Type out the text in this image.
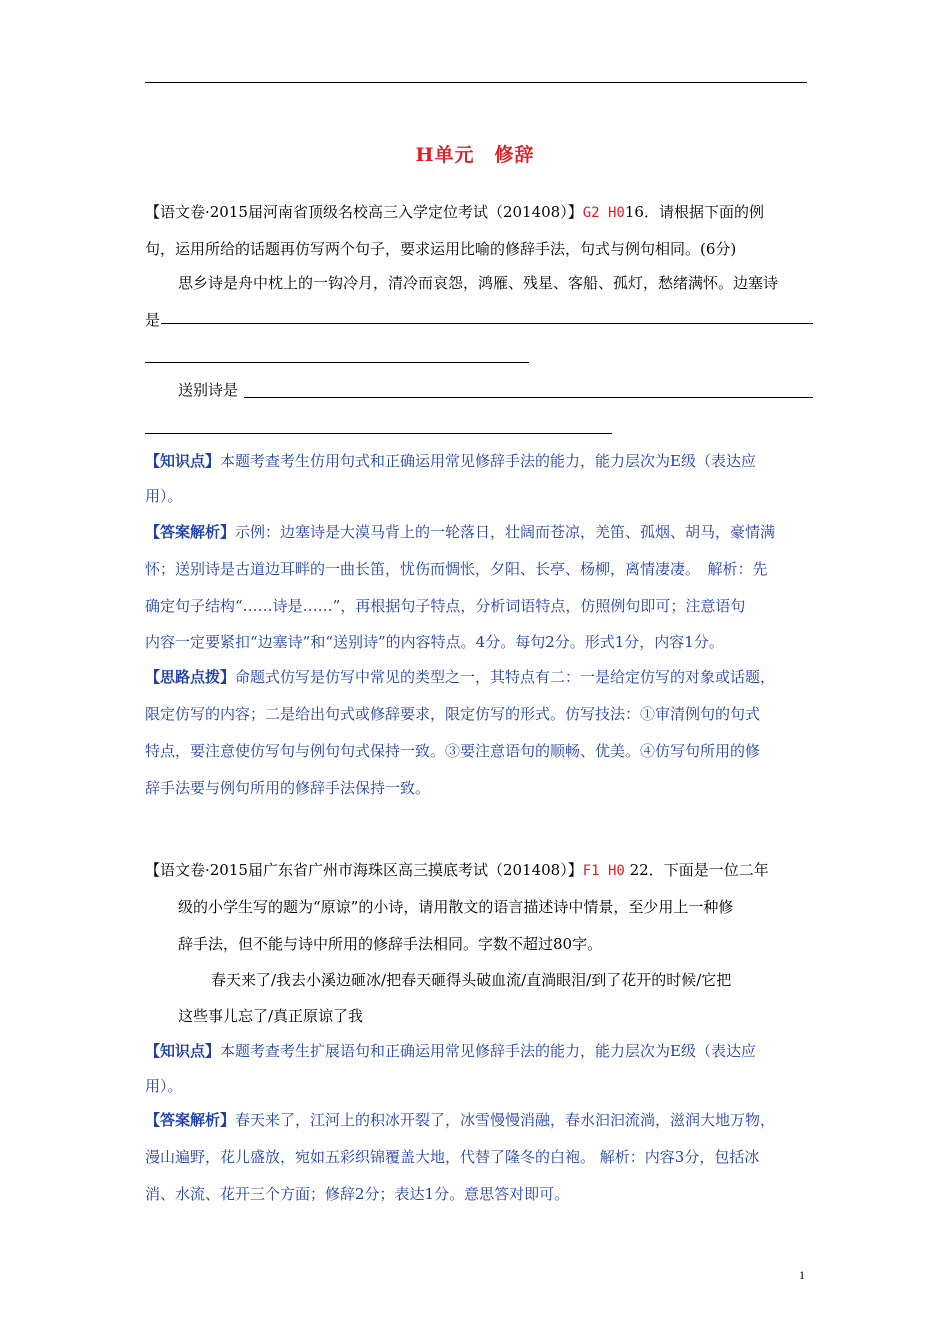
H单元　修辞
【语文卷·2015届河南省顶级名校高三入学定位考试（201408）】G2 H016．请根据下面的例
句，运用所给的话题再仿写两个句子，要求运用比喻的修辞手法，句式与例句相同。(6分)
思乡诗是舟中枕上的一钩冷月，清冷而哀怨，鸿雁、残星、客船、孤灯，愁绪满怀。边塞诗
是
送别诗是
【知识点】本题考查考生仿用句式和正确运用常见修辞手法的能力，能力层次为E级（表达应
用）。
【答案解析】示例：边塞诗是大漠马背上的一轮落日，壮阔而苍凉，羌笛、孤烟、胡马，豪情满
怀；送别诗是古道边耳畔的一曲长笛，忧伤而惆怅，夕阳、长亭、杨柳，离情凄凄。　解析：先
确定句子结构“……诗是……”，再根据句子特点，分析词语特点，仿照例句即可；注意语句
内容一定要紧扣“边塞诗”和“送别诗”的内容特点。4分。每句2分。形式1分，内容1分。
【思路点拨】命题式仿写是仿写中常见的类型之一，其特点有二：一是给定仿写的对象或话题，
限定仿写的内容；二是给出句式或修辞要求，限定仿写的形式。仿写技法：①审清例句的句式
特点，要注意使仿写句与例句句式保持一致。③要注意语句的顺畅、优美。④仿写句所用的修
辞手法要与例句所用的修辞手法保持一致。
【语文卷·2015届广东省广州市海珠区高三摸底考试（201408）】F1 H0 22．下面是一位二年
级的小学生写的题为“原谅”的小诗，请用散文的语言描述诗中情景，至少用上一种修
辞手法，但不能与诗中所用的修辞手法相同。字数不超过80字。
春天来了/我去小溪边砸冰/把春天砸得头破血流/直淌眼泪/到了花开的时候/它把
这些事儿忘了/真正原谅了我
【知识点】本题考查考生扩展语句和正确运用常见修辞手法的能力，能力层次为E级（表达应
用）。
【答案解析】春天来了，江河上的积冰开裂了，冰雪慢慢消融，春水汩汩流淌，滋润大地万物，
漫山遍野，花儿盛放，宛如五彩织锦覆盖大地，代替了隆冬的白袍。 解析：内容3分，包括冰
消、水流、花开三个方面；修辞2分；表达1分。意思答对即可。
1
